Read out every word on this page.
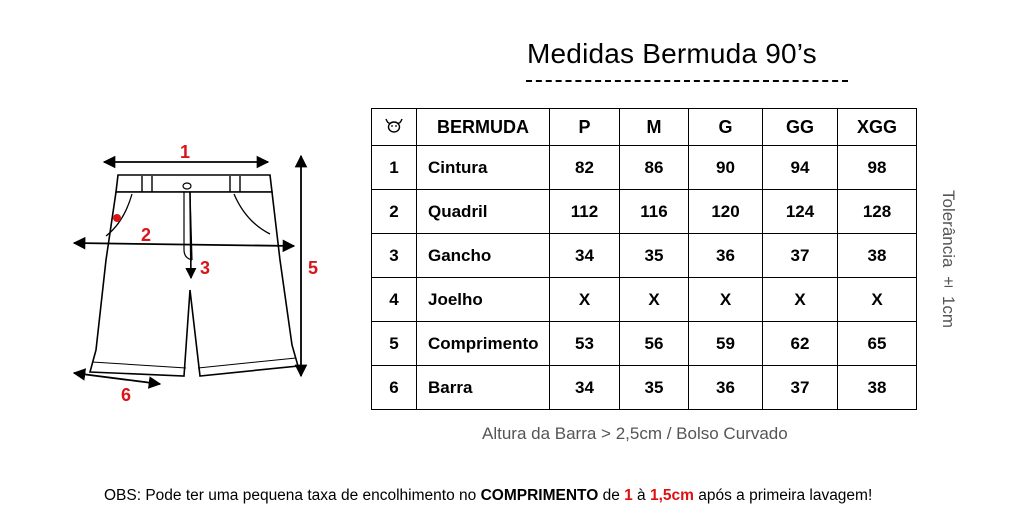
Medidas Bermuda 90’s
1
2
3	5
6
	BERMUDA	P	M	G	GG	XGG
1	Cintura	82	86	90	94	98
2	Quadril	112	116	120	124	128
3	Gancho	34	35	36	37	38
4	Joelho	X	X	X	X	X
5	Comprimento	53	56	59	62	65
6	Barra	34	35	36	37	38
Tolerância ± 1cm
Altura da Barra > 2,5cm / Bolso Curvado
OBS: Pode ter uma pequena taxa de encolhimento no COMPRIMENTO de 1 à 1,5cm após a primeira lavagem!
